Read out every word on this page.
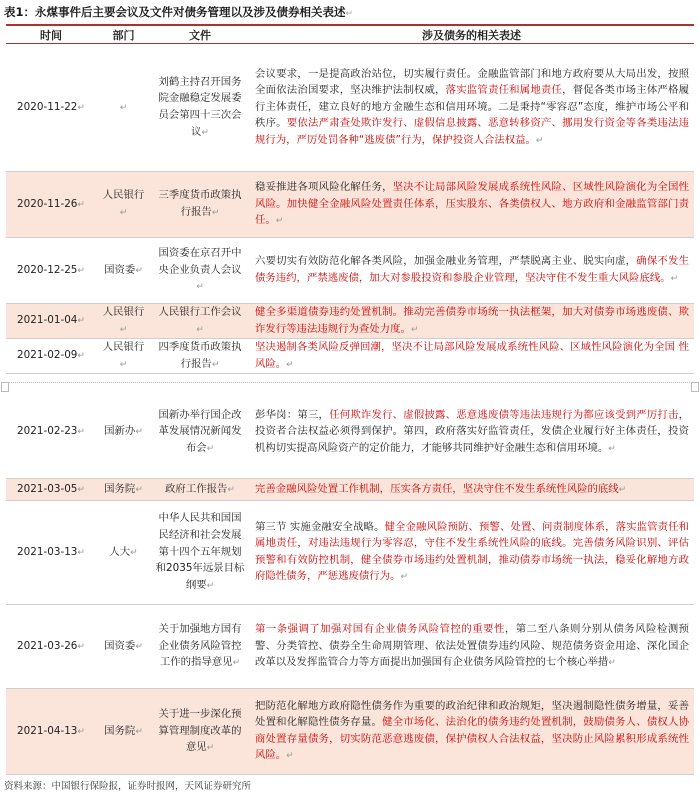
表1：永煤事件后主要会议及文件对债务管理以及涉及债券相关表述↵
时间	部门	文件	涉及债务的相关表述
2020-11-22↵	↵	刘鹤主持召开国务院金融稳定发展委员会第四十三次会议↵	会议要求，一是提高政治站位，切实履行责任。金融监管部门和地方政府要从大局出发，按照全面依法治国要求，坚决维护法制权威，落实监管责任和属地责任，督促各类市场主体严格履行主体责任，建立良好的地方金融生态和信用环境。二是秉持“零容忍”态度，维护市场公平和秩序。要依法严肃查处欺诈发行、虚假信息披露、恶意转移资产、挪用发行资金等各类违法违规行为，严厉处罚各种“逃废债”行为，保护投资人合法权益。↵
2020-11-26↵	人民银行↵	三季度货币政策执行报告↵	稳妥推进各项风险化解任务，坚决不让局部风险发展成系统性风险、区域性风险演化为全国性风险。加快健全金融风险处置责任体系，压实股东、各类债权人、地方政府和金融监管部门责任。↵
2020-12-25↵	国资委↵	国资委在京召开中央企业负责人会议↵	六要切实有效防范化解各类风险，加强金融业务管理，严禁脱离主业、脱实向虚，确保不发生债务违约，严禁逃废债，加大对参股投资和参股企业管理，坚决守住不发生重大风险底线。↵
2021-01-04↵	人民银行↵	人民银行工作会议↵	健全多渠道债券违约处置机制。推动完善债券市场统一执法框架，加大对债券市场逃废债、欺诈发行等违法违规行为查处力度。↵
2021-02-09↵	人民银行↵	四季度货币政策执行报告↵	坚决遏制各类风险反弹回潮，坚决不让局部风险发展成系统性风险、区域性风险演化为全国 性风险。↵

2021-02-23↵	国新办↵	国新办举行国企改革发展情况新闻发布会↵	彭华岗：第三，任何欺诈发行、虚假披露、恶意逃废债等违法违规行为都应该受到严厉打击，投资者合法权益必须得到保护。第四，政府落实好监管责任，发债企业履行好主体责任，投资机构切实提高风险资产的定价能力，才能够共同维护好金融生态和信用环境。↵
2021-03-05↵	国务院↵	政府工作报告↵	完善金融风险处置工作机制，压实各方责任，坚决守住不发生系统性风险的底线↵
2021-03-13↵	人大↵	中华人民共和国国民经济和社会发展第十四个五年规划和2035年远景目标纲要↵	第三节 实施金融安全战略。健全金融风险预防、预警、处置、问责制度体系，落实监管责任和属地责任，对违法违规行为零容忍，守住不发生系统性风险的底线。完善债务风险识别、评估预警和有效防控机制，健全债券市场违约处置机制，推动债券市场统一执法，稳妥化解地方政府隐性债务，严惩逃废债行为。↵
2021-03-26↵	国资委↵	关于加强地方国有企业债务风险管控工作的指导意见↵	第一条强调了加强对国有企业债务风险管控的重要性，第二至八条则分别从债务风险检测预警、分类管控、债券全生命周期管理、依法处置债券违约风险、规范债务资金用途、深化国企改革以及发挥监管合力等方面提出加强国有企业债务风险管控的七个核心举措↵
2021-04-13↵	国务院↵	关于进一步深化预算管理制度改革的意见↵	把防范化解地方政府隐性债务作为重要的政治纪律和政治规矩，坚决遏制隐性债务增量，妥善处置和化解隐性债务存量。健全市场化、法治化的债务违约处置机制，鼓励债务人、债权人协商处置存量债务，切实防范恶意逃废债，保护债权人合法权益，坚决防止风险累积形成系统性风险。↵
资料来源：中国银行保险报，证券时报网，天风证券研究所
